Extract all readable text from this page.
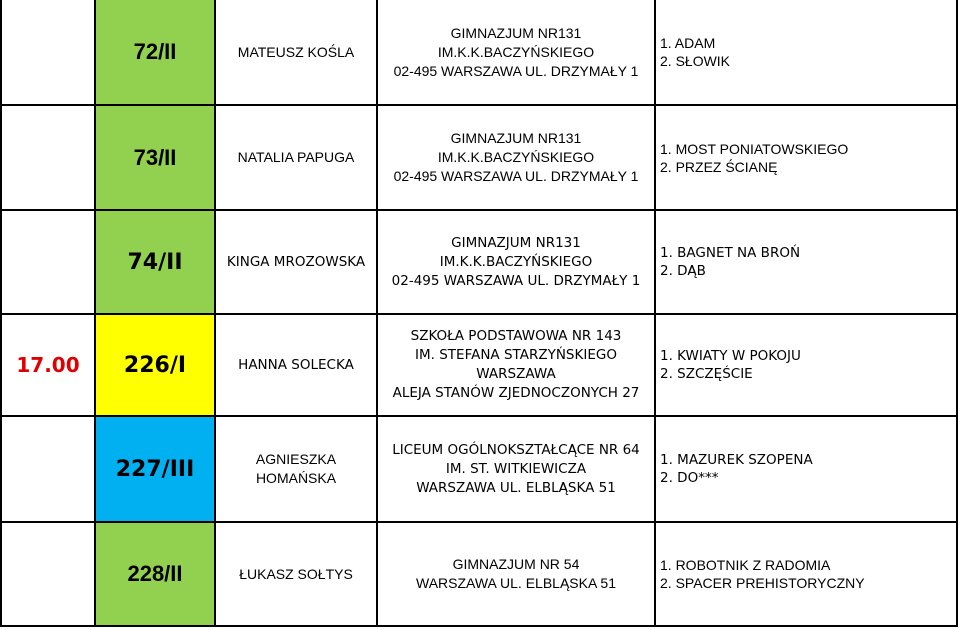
	72/II	MATEUSZ KOŚLA	GIMNAZJUM NR131
IM.K.K.BACZYŃSKIEGO
02-495 WARSZAWA UL. DRZYMAŁY 1	1. ADAM
2. SŁOWIK

	73/II	NATALIA PAPUGA	GIMNAZJUM NR131
IM.K.K.BACZYŃSKIEGO
02-495 WARSZAWA UL. DRZYMAŁY 1	1. MOST PONIATOWSKIEGO
2. PRZEZ ŚCIANĘ

	74/II	KINGA MROZOWSKA	GIMNAZJUM NR131
IM.K.K.BACZYŃSKIEGO
02-495 WARSZAWA UL. DRZYMAŁY 1	1. BAGNET NA BROŃ
2. DĄB

17.00	226/I	HANNA SOLECKA	SZKOŁA PODSTAWOWA NR 143
IM. STEFANA STARZYŃSKIEGO
WARSZAWA
ALEJA STANÓW ZJEDNOCZONYCH 27	1. KWIATY W POKOJU
2. SZCZĘŚCIE

	227/III	AGNIESZKA
HOMAŃSKA	LICEUM OGÓLNOKSZTAŁCĄCE NR 64
IM. ST. WITKIEWICZA
WARSZAWA UL. ELBLĄSKA 51	1. MAZUREK SZOPENA
2. DO***

	228/II	ŁUKASZ SOŁTYS	GIMNAZJUM NR 54
WARSZAWA UL. ELBLĄSKA 51	1. ROBOTNIK Z RADOMIA
2. SPACER PREHISTORYCZNY
